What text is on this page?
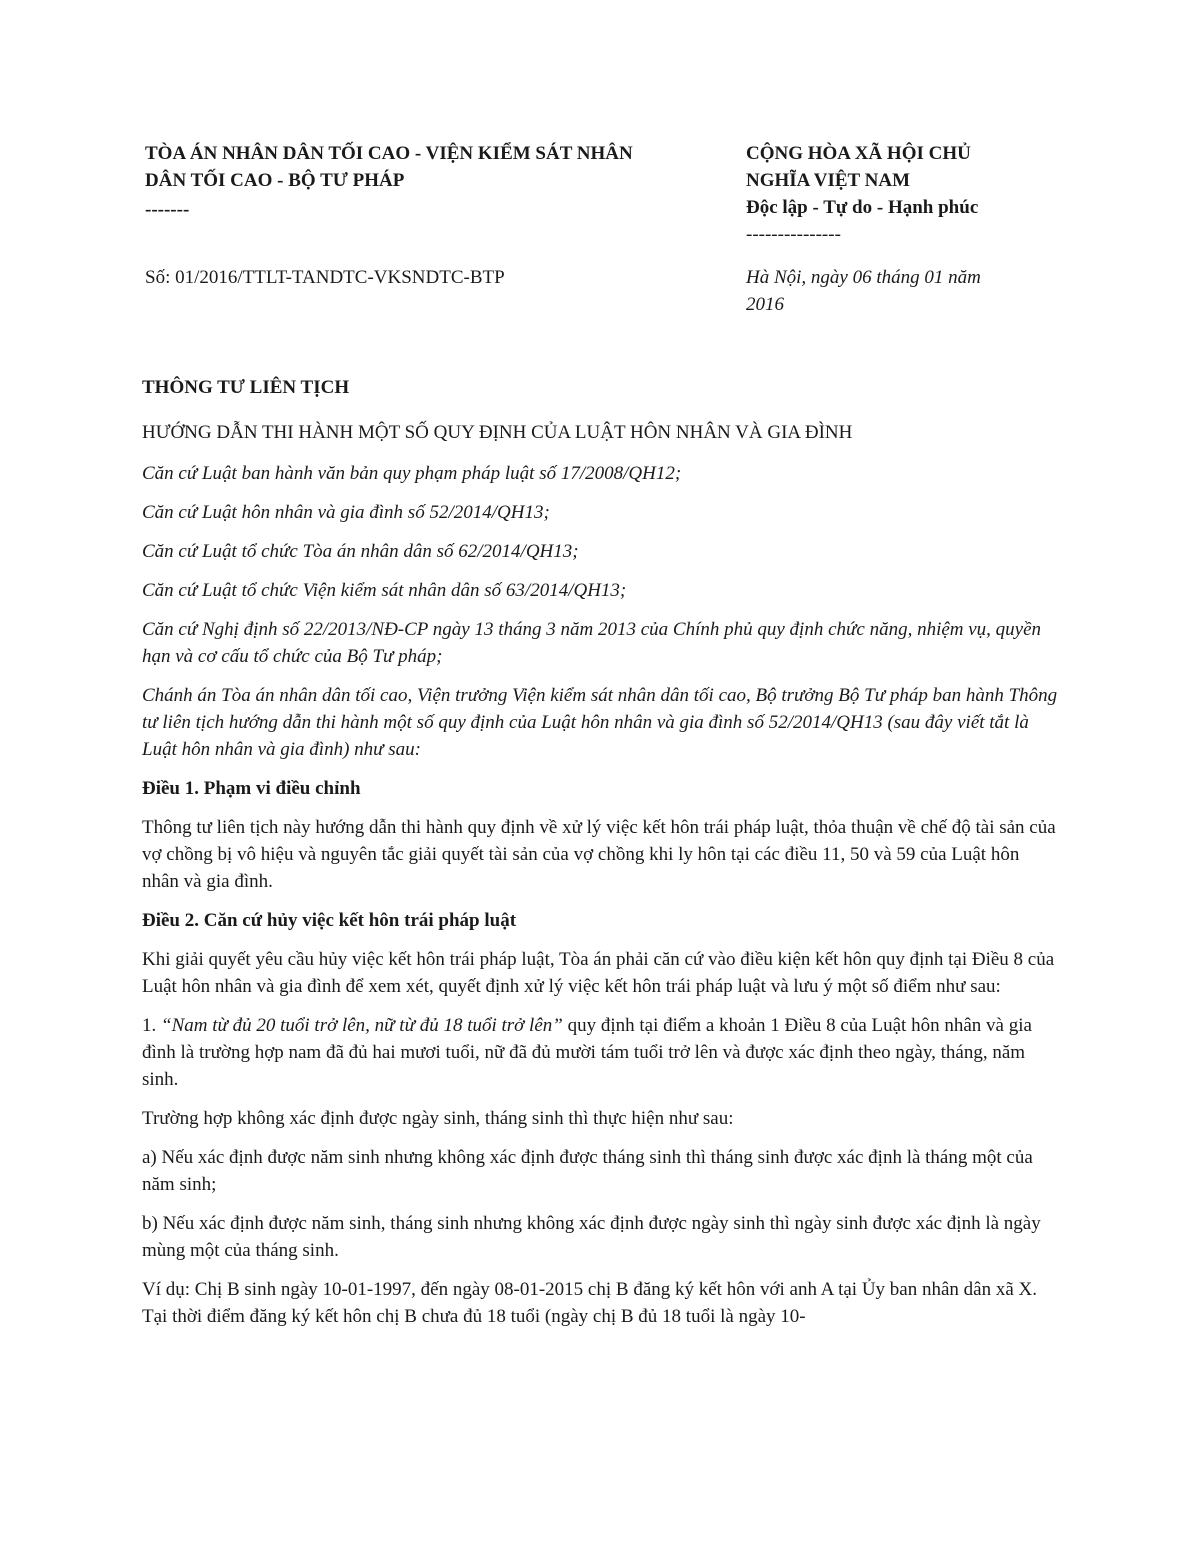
TÒA ÁN NHÂN DÂN TỐI CAO - VIỆN KIỂM SÁT NHÂN
DÂN TỐI CAO - BỘ TƯ PHÁP
-------
CỘNG HÒA XÃ HỘI CHỦ
NGHĨA VIỆT NAM
Độc lập - Tự do - Hạnh phúc
---------------
Số: 01/2016/TTLT-TANDTC-VKSNDTC-BTP	Hà Nội, ngày 06 tháng 01 năm
2016

THÔNG TƯ LIÊN TỊCH

HƯỚNG DẪN THI HÀNH MỘT SỐ QUY ĐỊNH CỦA LUẬT HÔN NHÂN VÀ GIA ĐÌNH

Căn cứ Luật ban hành văn bản quy phạm pháp luật số 17/2008/QH12;

Căn cứ Luật hôn nhân và gia đình số 52/2014/QH13;

Căn cứ Luật tổ chức Tòa án nhân dân số 62/2014/QH13;

Căn cứ Luật tổ chức Viện kiểm sát nhân dân số 63/2014/QH13;

Căn cứ Nghị định số 22/2013/NĐ-CP ngày 13 tháng 3 năm 2013 của Chính phủ quy định chức năng, nhiệm vụ, quyền hạn và cơ cấu tổ chức của Bộ Tư pháp;

Chánh án Tòa án nhân dân tối cao, Viện trưởng Viện kiểm sát nhân dân tối cao, Bộ trưởng Bộ Tư pháp ban hành Thông tư liên tịch hướng dẫn thi hành một số quy định của Luật hôn nhân và gia đình số 52/2014/QH13 (sau đây viết tắt là Luật hôn nhân và gia đình) như sau:

Điều 1. Phạm vi điều chỉnh

Thông tư liên tịch này hướng dẫn thi hành quy định về xử lý việc kết hôn trái pháp luật, thỏa thuận về chế độ tài sản của vợ chồng bị vô hiệu và nguyên tắc giải quyết tài sản của vợ chồng khi ly hôn tại các điều 11, 50 và 59 của Luật hôn nhân và gia đình.

Điều 2. Căn cứ hủy việc kết hôn trái pháp luật

Khi giải quyết yêu cầu hủy việc kết hôn trái pháp luật, Tòa án phải căn cứ vào điều kiện kết hôn quy định tại Điều 8 của Luật hôn nhân và gia đình để xem xét, quyết định xử lý việc kết hôn trái pháp luật và lưu ý một số điểm như sau:

1. “Nam từ đủ 20 tuổi trở lên, nữ từ đủ 18 tuổi trở lên” quy định tại điểm a khoản 1 Điều 8 của Luật hôn nhân và gia đình là trường hợp nam đã đủ hai mươi tuổi, nữ đã đủ mười tám tuổi trở lên và được xác định theo ngày, tháng, năm sinh.

Trường hợp không xác định được ngày sinh, tháng sinh thì thực hiện như sau:

a) Nếu xác định được năm sinh nhưng không xác định được tháng sinh thì tháng sinh được xác định là tháng một của năm sinh;

b) Nếu xác định được năm sinh, tháng sinh nhưng không xác định được ngày sinh thì ngày sinh được xác định là ngày mùng một của tháng sinh.

Ví dụ: Chị B sinh ngày 10-01-1997, đến ngày 08-01-2015 chị B đăng ký kết hôn với anh A tại Ủy ban nhân dân xã X. Tại thời điểm đăng ký kết hôn chị B chưa đủ 18 tuổi (ngày chị B đủ 18 tuổi là ngày 10-
